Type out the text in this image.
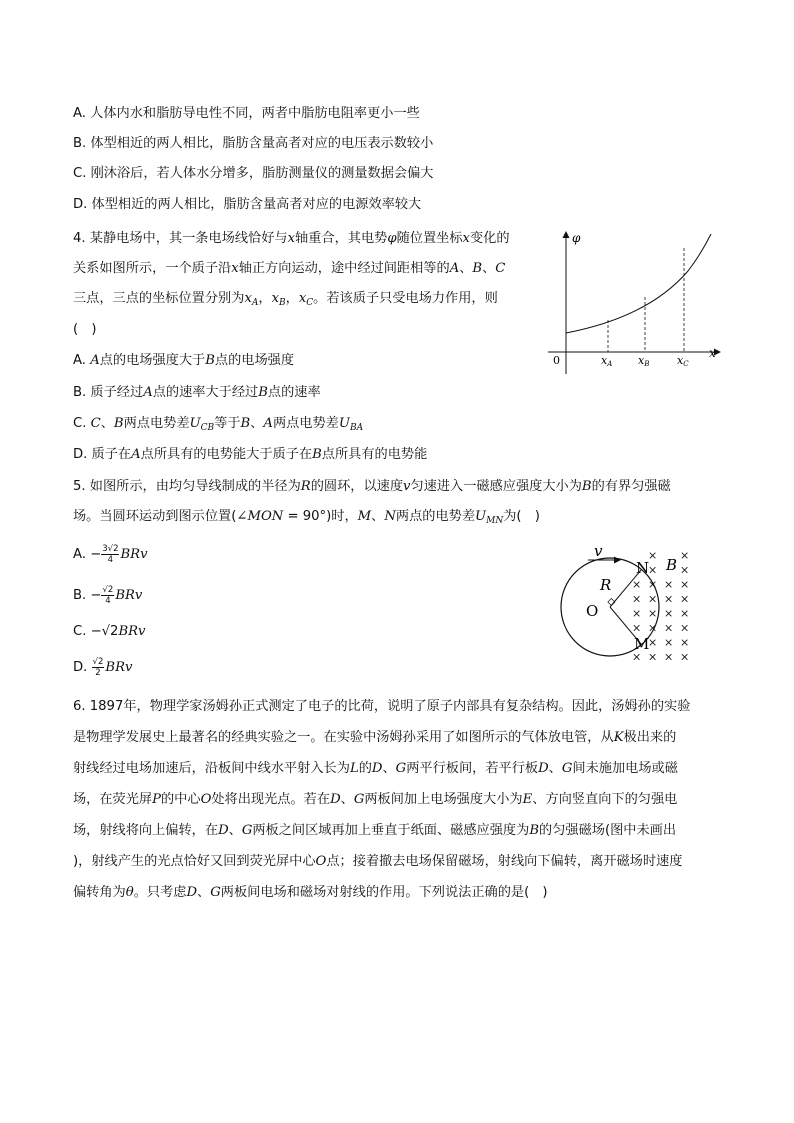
A. 人体内水和脂肪导电性不同，两者中脂肪电阻率更小一些
B. 体型相近的两人相比，脂肪含量高者对应的电压表示数较小
C. 刚沐浴后，若人体水分增多，脂肪测量仪的测量数据会偏大
D. 体型相近的两人相比，脂肪含量高者对应的电源效率较大
4. 某静电场中，其一条电场线恰好与x轴重合，其电势φ随位置坐标x变化的
关系如图所示，一个质子沿x轴正方向运动，途中经过间距相等的A、B、C
三点，三点的坐标位置分别为$x_A$，$x_B$，$x_C$。若该质子只受电场力作用，则
(　)
A. A点的电场强度大于B点的电场强度
B. 质子经过A点的速率大于经过B点的速率
C. C、B两点电势差$U_{CB}$等于B、A两点电势差$U_{BA}$
D. 质子在A点所具有的电势能大于质子在B点所具有的电势能
φ
x
0	xA xB	xC
5. 如图所示，由均匀导线制成的半径为R的圆环，以速度v匀速进入一磁感应强度大小为B的有界匀强磁
场。当圆环运动到图示位置(∠MON = 90°)时，M、N两点的电势差$U_{MN}$为(　)
A. − $\frac{3√2}{4}$ BRv
B. − $\frac{√2}{4}$ BRv
C. −√2BRv
D. $\frac{√2}{2}$ BRv
v
O
R
N
M
B
× ×
× ×
× × × ×
× × × ×
× × × ×
× × × ×
× × ×
× × × ×
6. 1897年，物理学家汤姆孙正式测定了电子的比荷，说明了原子内部具有复杂结构。因此，汤姆孙的实验
是物理学发展史上最著名的经典实验之一。在实验中汤姆孙采用了如图所示的气体放电管，从K极出来的
射线经过电场加速后，沿板间中线水平射入长为L的D、G两平行板间，若平行板D、G间未施加电场或磁
场，在荧光屏P的中心O处将出现光点。若在D、G两板间加上电场强度大小为E、方向竖直向下的匀强电
场，射线将向上偏转，在D、G两板之间区域再加上垂直于纸面、磁感应强度为B的匀强磁场(图中未画出
)，射线产生的光点恰好又回到荧光屏中心O点；接着撤去电场保留磁场，射线向下偏转，离开磁场时速度
偏转角为θ。只考虑D、G两板间电场和磁场对射线的作用。下列说法正确的是(　)
